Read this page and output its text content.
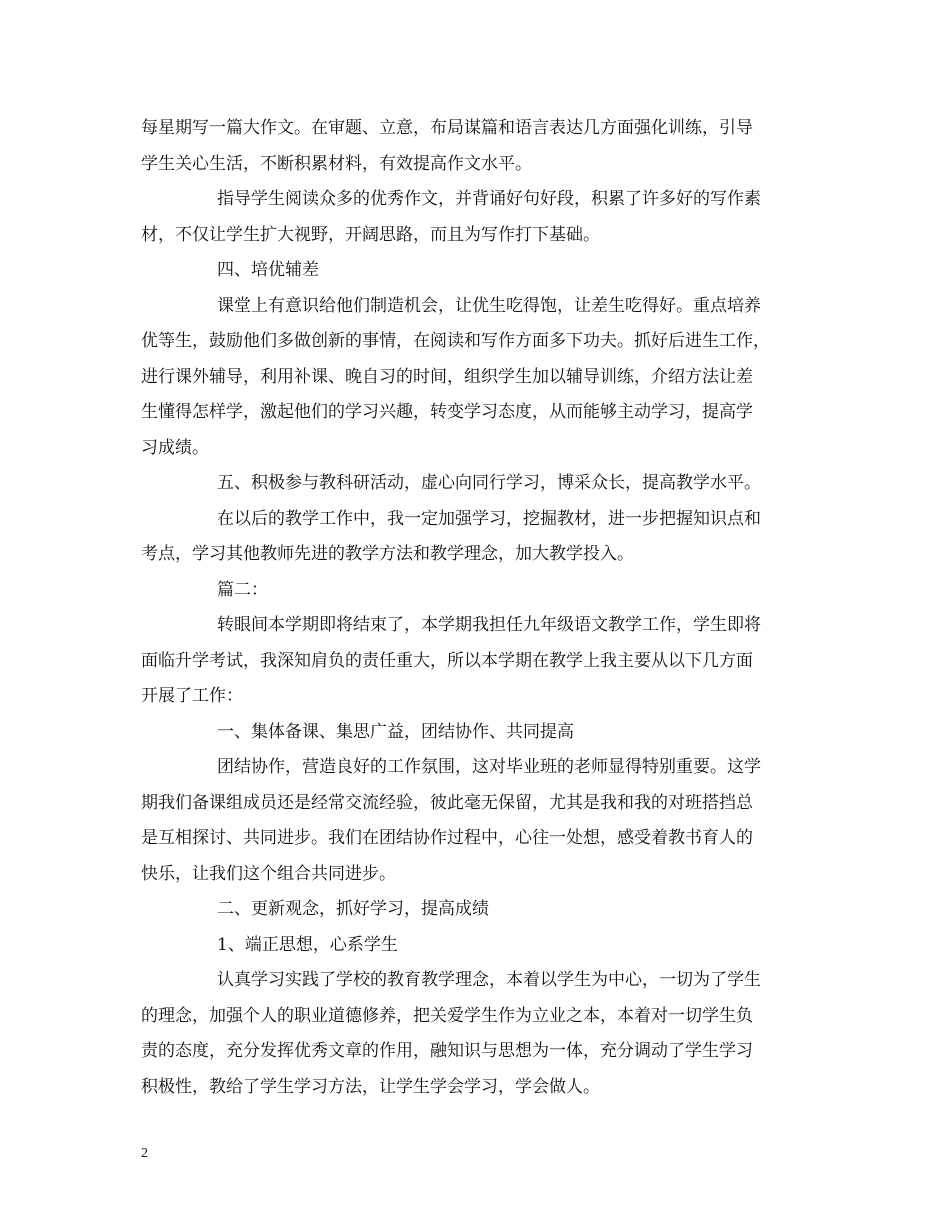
每星期写一篇大作文。在审题、立意，布局谋篇和语言表达几方面强化训练，引导
学生关心生活，不断积累材料，有效提高作文水平。
指导学生阅读众多的优秀作文，并背诵好句好段，积累了许多好的写作素
材，不仅让学生扩大视野，开阔思路，而且为写作打下基础。
四、培优辅差
课堂上有意识给他们制造机会，让优生吃得饱，让差生吃得好。重点培养
优等生，鼓励他们多做创新的事情，在阅读和写作方面多下功夫。抓好后进生工作，
进行课外辅导，利用补课、晚自习的时间，组织学生加以辅导训练，介绍方法让差
生懂得怎样学，激起他们的学习兴趣，转变学习态度，从而能够主动学习，提高学
习成绩。
五、积极参与教科研活动，虚心向同行学习，博采众长，提高教学水平。
在以后的教学工作中，我一定加强学习，挖掘教材，进一步把握知识点和
考点，学习其他教师先进的教学方法和教学理念，加大教学投入。
篇二：
转眼间本学期即将结束了，本学期我担任九年级语文教学工作，学生即将
面临升学考试，我深知肩负的责任重大，所以本学期在教学上我主要从以下几方面
开展了工作：
一、集体备课、集思广益，团结协作、共同提高
团结协作，营造良好的工作氛围，这对毕业班的老师显得特别重要。这学
期我们备课组成员还是经常交流经验，彼此毫无保留，尤其是我和我的对班搭挡总
是互相探讨、共同进步。我们在团结协作过程中，心往一处想，感受着教书育人的
快乐，让我们这个组合共同进步。
二、更新观念，抓好学习，提高成绩
1、端正思想，心系学生
认真学习实践了学校的教育教学理念，本着以学生为中心，一切为了学生
的理念，加强个人的职业道德修养，把关爱学生作为立业之本，本着对一切学生负
责的态度，充分发挥优秀文章的作用，融知识与思想为一体，充分调动了学生学习
积极性，教给了学生学习方法，让学生学会学习，学会做人。
2
